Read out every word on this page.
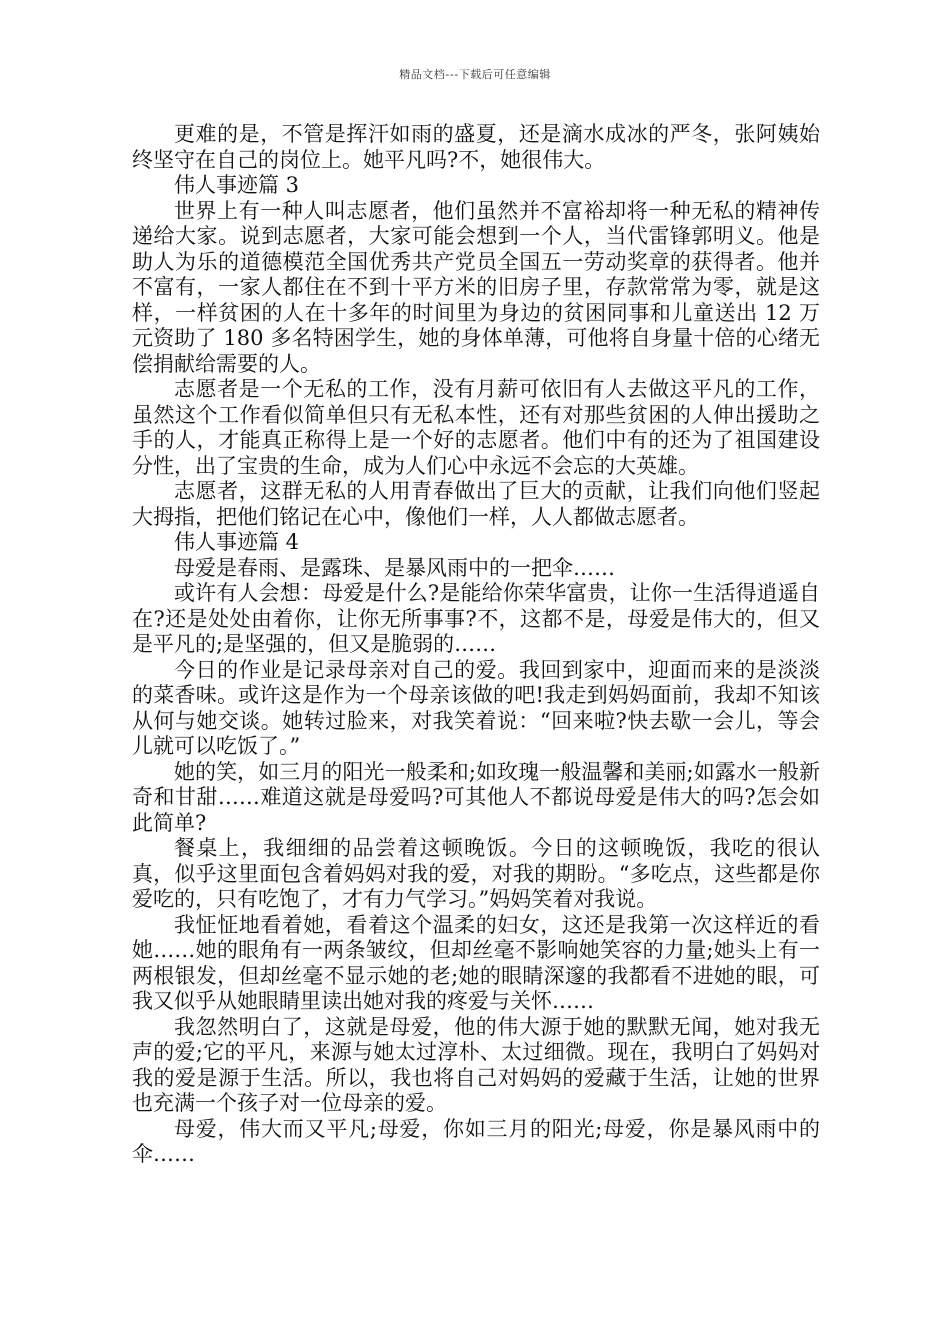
精品文档---下载后可任意编辑

更难的是，不管是挥汗如雨的盛夏，还是滴水成冰的严冬，张阿姨始终坚守在自己的岗位上。她平凡吗?不，她很伟大。

伟人事迹篇 3

世界上有一种人叫志愿者，他们虽然并不富裕却将一种无私的精神传递给大家。说到志愿者，大家可能会想到一个人，当代雷锋郭明义。他是助人为乐的道德模范全国优秀共产党员全国五一劳动奖章的获得者。他并不富有，一家人都住在不到十平方米的旧房子里，存款常常为零，就是这样，一样贫困的人在十多年的时间里为身边的贫困同事和儿童送出 12 万元资助了 180 多名特困学生，她的身体单薄，可他将自身量十倍的心绪无偿捐献给需要的人。

志愿者是一个无私的工作，没有月薪可依旧有人去做这平凡的工作，虽然这个工作看似简单但只有无私本性，还有对那些贫困的人伸出援助之手的人，才能真正称得上是一个好的志愿者。他们中有的还为了祖国建设分性，出了宝贵的生命，成为人们心中永远不会忘的大英雄。

志愿者，这群无私的人用青春做出了巨大的贡献，让我们向他们竖起大拇指，把他们铭记在心中，像他们一样，人人都做志愿者。

伟人事迹篇 4

母爱是春雨、是露珠、是暴风雨中的一把伞……

或许有人会想：母爱是什么?是能给你荣华富贵，让你一生活得逍遥自在?还是处处由着你，让你无所事事?不，这都不是，母爱是伟大的，但又是平凡的;是坚强的，但又是脆弱的……

今日的作业是记录母亲对自己的爱。我回到家中，迎面而来的是淡淡的菜香味。或许这是作为一个母亲该做的吧!我走到妈妈面前，我却不知该从何与她交谈。她转过脸来，对我笑着说：“回来啦?快去歇一会儿，等会儿就可以吃饭了。”

她的笑，如三月的阳光一般柔和;如玫瑰一般温馨和美丽;如露水一般新奇和甘甜……难道这就是母爱吗?可其他人不都说母爱是伟大的吗?怎会如此简单?

餐桌上，我细细的品尝着这顿晚饭。今日的这顿晚饭，我吃的很认真，似乎这里面包含着妈妈对我的爱，对我的期盼。“多吃点，这些都是你爱吃的，只有吃饱了，才有力气学习。”妈妈笑着对我说。

我怔怔地看着她，看着这个温柔的妇女，这还是我第一次这样近的看她……她的眼角有一两条皱纹，但却丝毫不影响她笑容的力量;她头上有一两根银发，但却丝毫不显示她的老;她的眼睛深邃的我都看不进她的眼，可我又似乎从她眼睛里读出她对我的疼爱与关怀……

我忽然明白了，这就是母爱，他的伟大源于她的默默无闻，她对我无声的爱;它的平凡，来源与她太过淳朴、太过细微。现在，我明白了妈妈对我的爱是源于生活。所以，我也将自己对妈妈的爱藏于生活，让她的世界也充满一个孩子对一位母亲的爱。

母爱，伟大而又平凡;母爱，你如三月的阳光;母爱，你是暴风雨中的伞……
